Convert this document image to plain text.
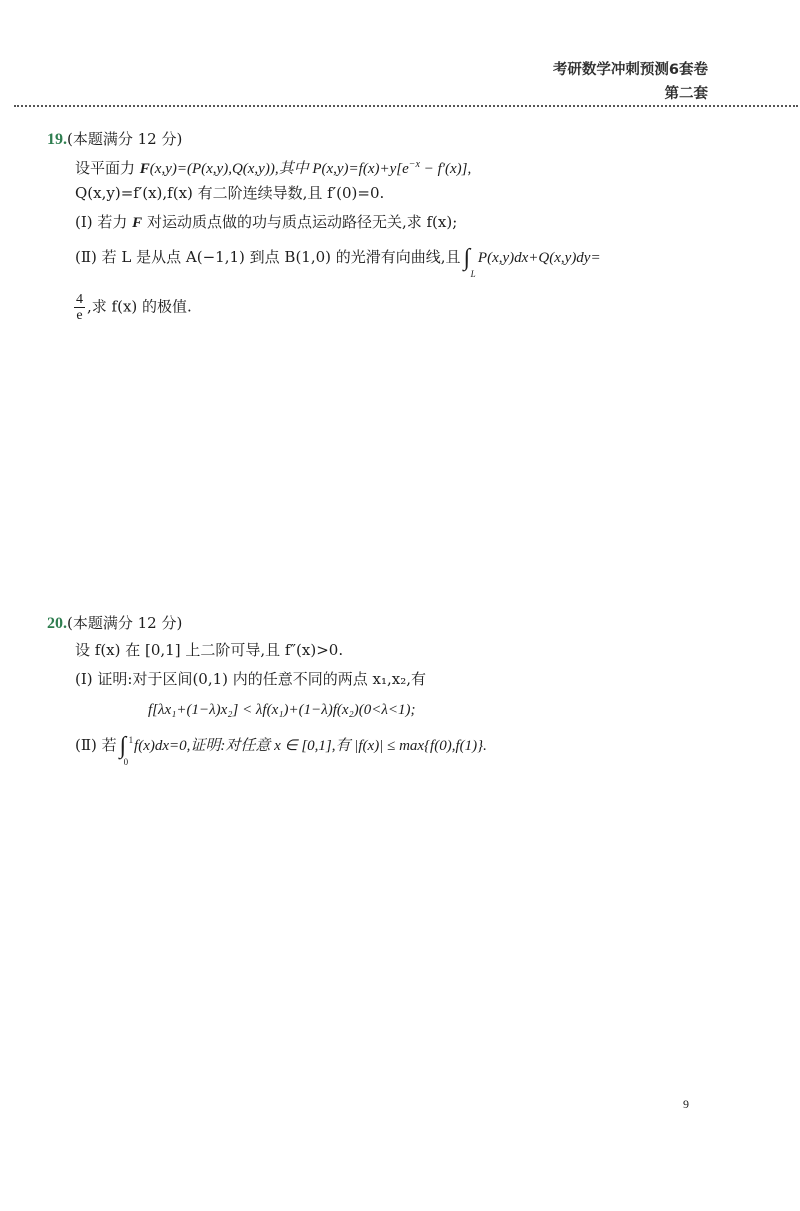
考研数学冲刺预测6套卷
第二套
19.(本题满分 12 分)
设平面力 F(x,y)=(P(x,y),Q(x,y)),其中 $P(x,y)=f(x)+y[e^{-x} - f'(x)]$,
Q(x,y)=f′(x),f(x) 有二阶连续导数,且 f′(0)=0.
(Ⅰ) 若力 F 对运动质点做的功与质点运动路径无关,求 f(x);
(Ⅱ) 若 L 是从点 A(−1,1) 到点 B(1,0) 的光滑有向曲线,且 ∫
L
P(x,y)dx+Q(x,y)dy=
$\frac{4}{e}$ ,求 f(x) 的极值.
20.(本题满分 12 分)
设 f(x) 在 [0,1] 上二阶可导,且 f″(x)>0.
(Ⅰ) 证明:对于区间(0,1) 内的任意不同的两点 x₁,x₂,有
f[λx₁+(1−λ)x₂] < λf(x₁)+(1−λ)f(x₂)(0<λ<1);
(Ⅱ) 若 ∫ 1
0
f(x)dx=0,证明:对任意 x ∈ [0,1],有 |f(x)| ≤ max{f(0),f(1)}.
9
